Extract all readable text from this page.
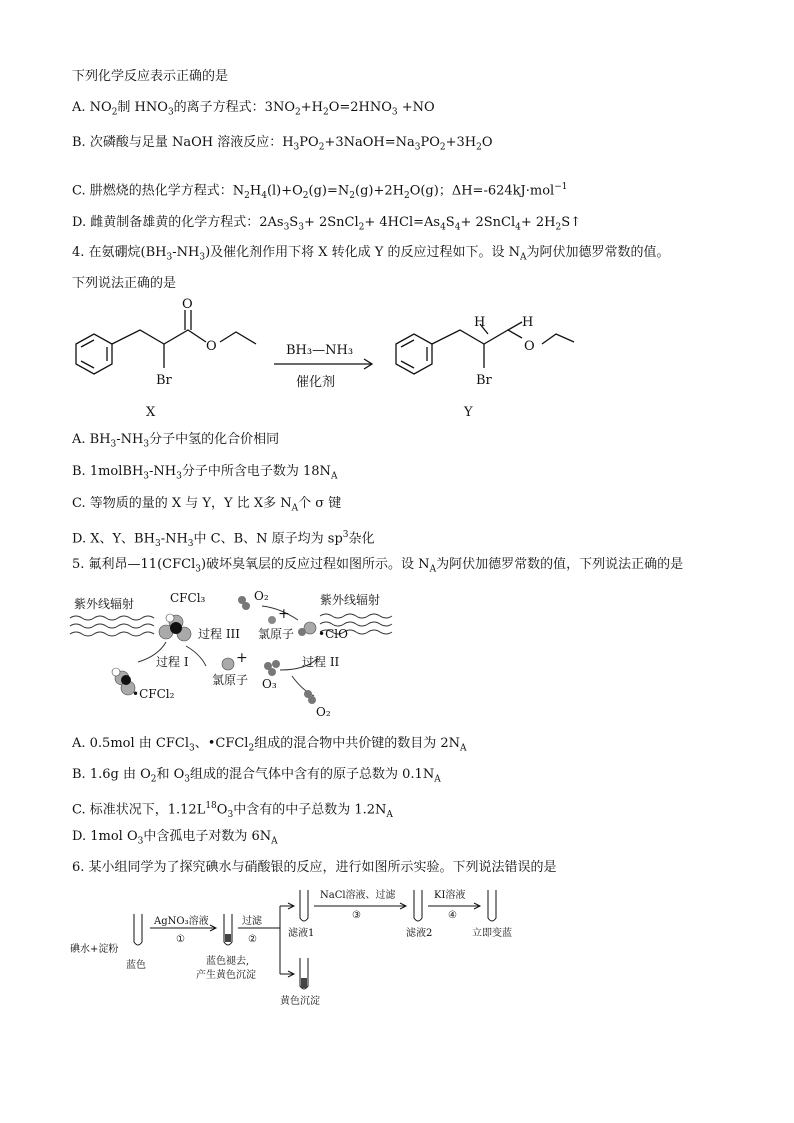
下列化学反应表示正确的是
A. $NO_2$制 $HNO_3$的离子方程式：$3NO_2+H_2O=2HNO_3 +NO$
B. 次磷酸与足量 NaOH 溶液反应：$H_3PO_2+3NaOH=Na_3PO_2+3H_2O$
C. 肼燃烧的热化学方程式：$N_2H_4(l)+O_2(g)=N_2(g)+2H_2O(g)$；ΔH=-624kJ·mol$^{-1}$
D. 雌黄制备雄黄的化学方程式：$2As_3S_3+$ 2SnCl$_2$+ $4HCl=As_4S_4+$ 2SnCl$_4$+ $2H_2S↑$
4. 在氨硼烷$(BH_3-NH_3)$及催化剂作用下将 X 转化成 Y 的反应过程如下。设 $N_A$为阿伏加德罗常数的值。
下列说法正确的是
O
O
Br
X
BH₃—NH₃
催化剂
H	H
O
Br
Y
A. $BH_3-NH_3$分子中氢的化合价相同
B. $1molBH_3-NH_3$分子中所含电子数为 $18N_A$
C. 等物质的量的 X 与 Y，Y 比 X多 $N_A$个 σ 键
D. X、Y、$BH_3-NH_3$中 C、B、N 原子均为 $sp^3$杂化
5. 氟利昂—11(CFCl$_3$)破坏臭氧层的反应过程如图所示。设 $N_A$为阿伏加德罗常数的值，下列说法正确的是
紫外线辐射	紫外线辐射
CFCl₃	O₂
+
过程 III 氯原子 •ClO
过程 I	+	过程 II
氯原子 O₃
•CFCl₂
O₂
A. 0.5mol 由 CFCl$_3$、•CFCl$_2$组成的混合物中共价键的数目为 $2N_A$
B. 1.6g 由 $O_2$和 $O_3$组成的混合气体中含有的原子总数为 $0.1N_A$
C. 标准状况下，$1.12L^{18}O_3$中含有的中子总数为 $1.2N_A$
D. 1mol $O_3$中含孤电子对数为 $6N_A$
6. 某小组同学为了探究碘水与硝酸银的反应，进行如图所示实验。下列说法错误的是
碘水+淀粉
蓝色
AgNO₃溶液
①
蓝色褪去,
产生黄色沉淀
过滤
②
滤液1
NaCl溶液、过滤
③
滤液2
KI溶液
④
立即变蓝
黄色沉淀
